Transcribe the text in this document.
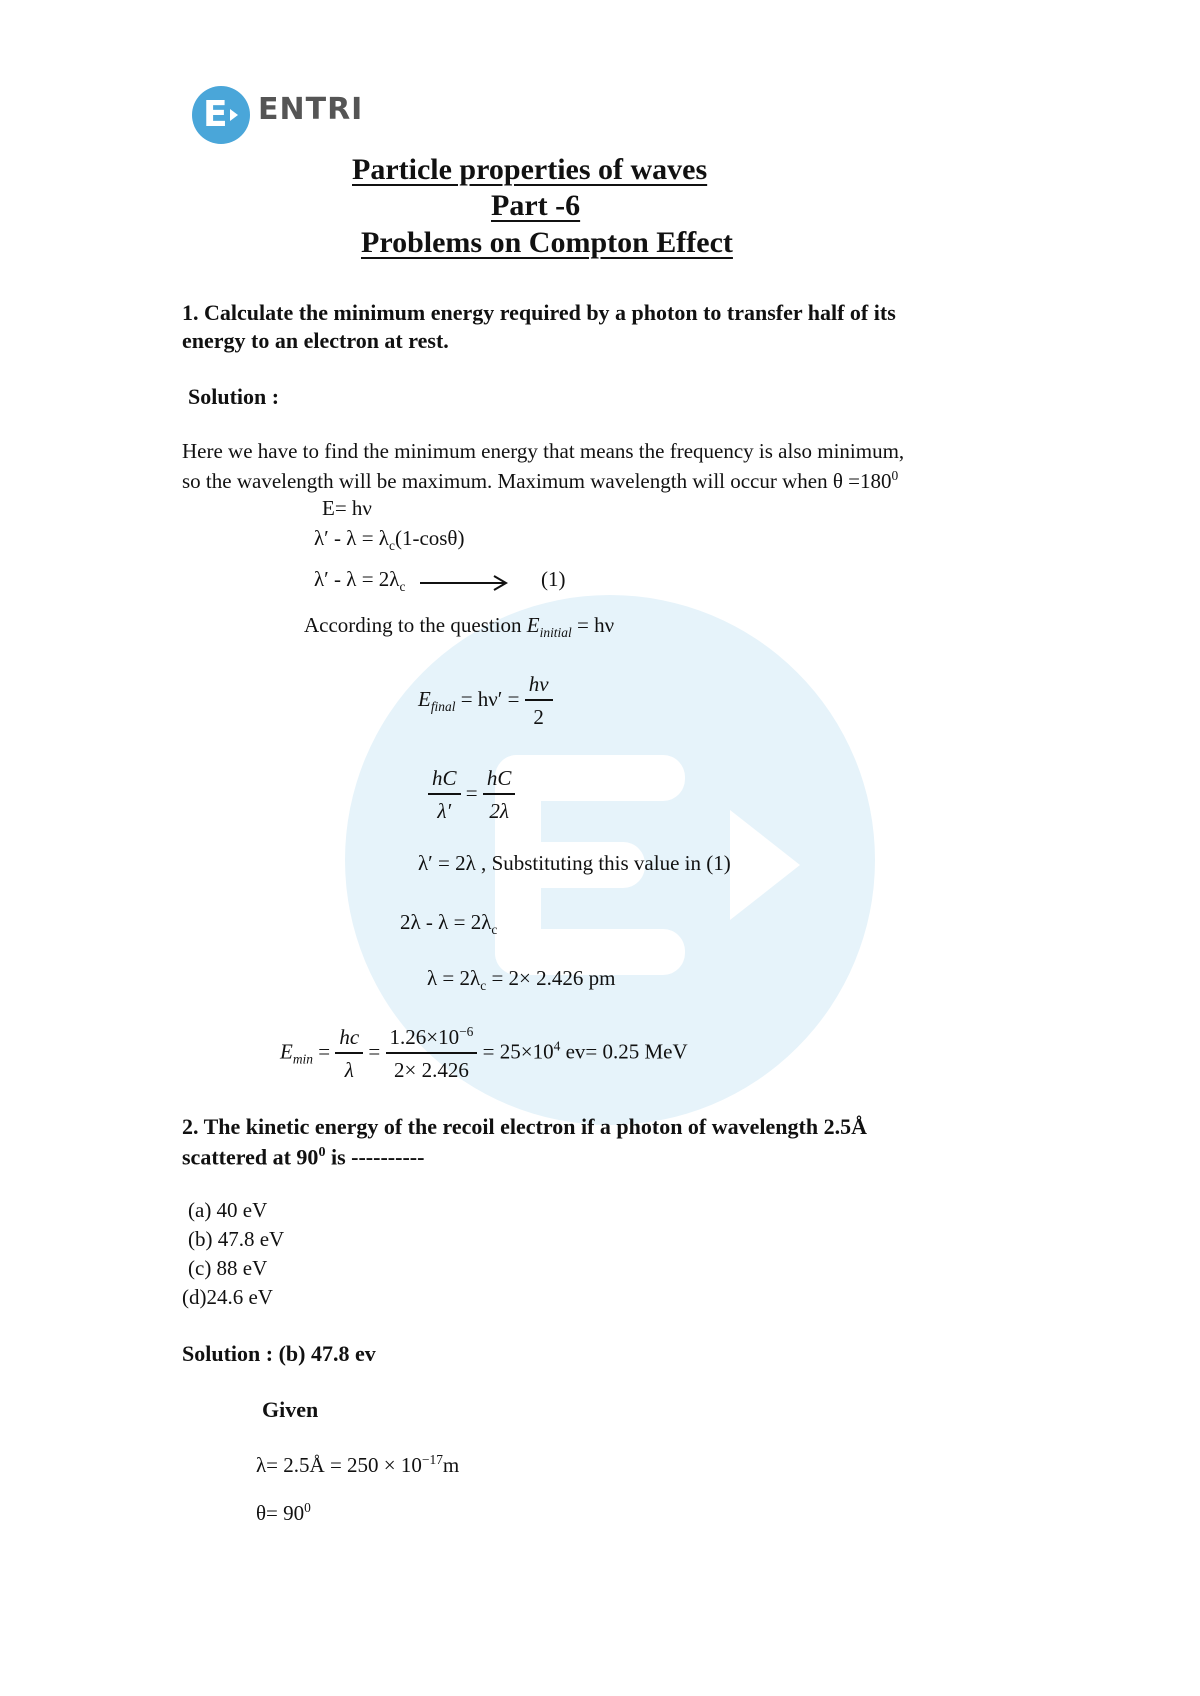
E ENTRI
Particle properties of waves
Part -6
Problems on Compton Effect
1. Calculate the minimum energy required by a photon to transfer half of its
energy to an electron at rest.
Solution :
Here we have to find the minimum energy that means the frequency is also minimum,
so the wavelength will be maximum. Maximum wavelength will occur when $\theta =180^0$
E= hν
$\lambda' - \lambda = \lambda_c(1-\cos\theta)$
$\lambda' - \lambda = 2\lambda_c$	(1)
According to the question $E_{initial} = h\nu$
$E_{final} = h\nu' = \frac{h\nu}{2}$
$\frac{hC}{\lambda'} = \frac{hC}{2\lambda}$
λ′ = 2λ , Substituting this value in (1)
$2\lambda - \lambda = 2\lambda_c$
$\lambda = 2\lambda_c = 2\times 2.426$ pm
$E_{min} = \frac{hc}{\lambda} = \frac{1.26\times 10^{-6}}{2\times 2.426} = 25\times 10^4$ ev= 0.25 MeV
2. The kinetic energy of the recoil electron if a photon of wavelength 2.5Å
scattered at $90^0$ is ----------
(a) 40 eV
(b) 47.8 eV
(c) 88 eV
(d)24.6 eV
Solution : (b) 47.8 ev
Given
λ= 2.5Å = $250 \times 10^{-17}m$
$\theta= 90^0$
